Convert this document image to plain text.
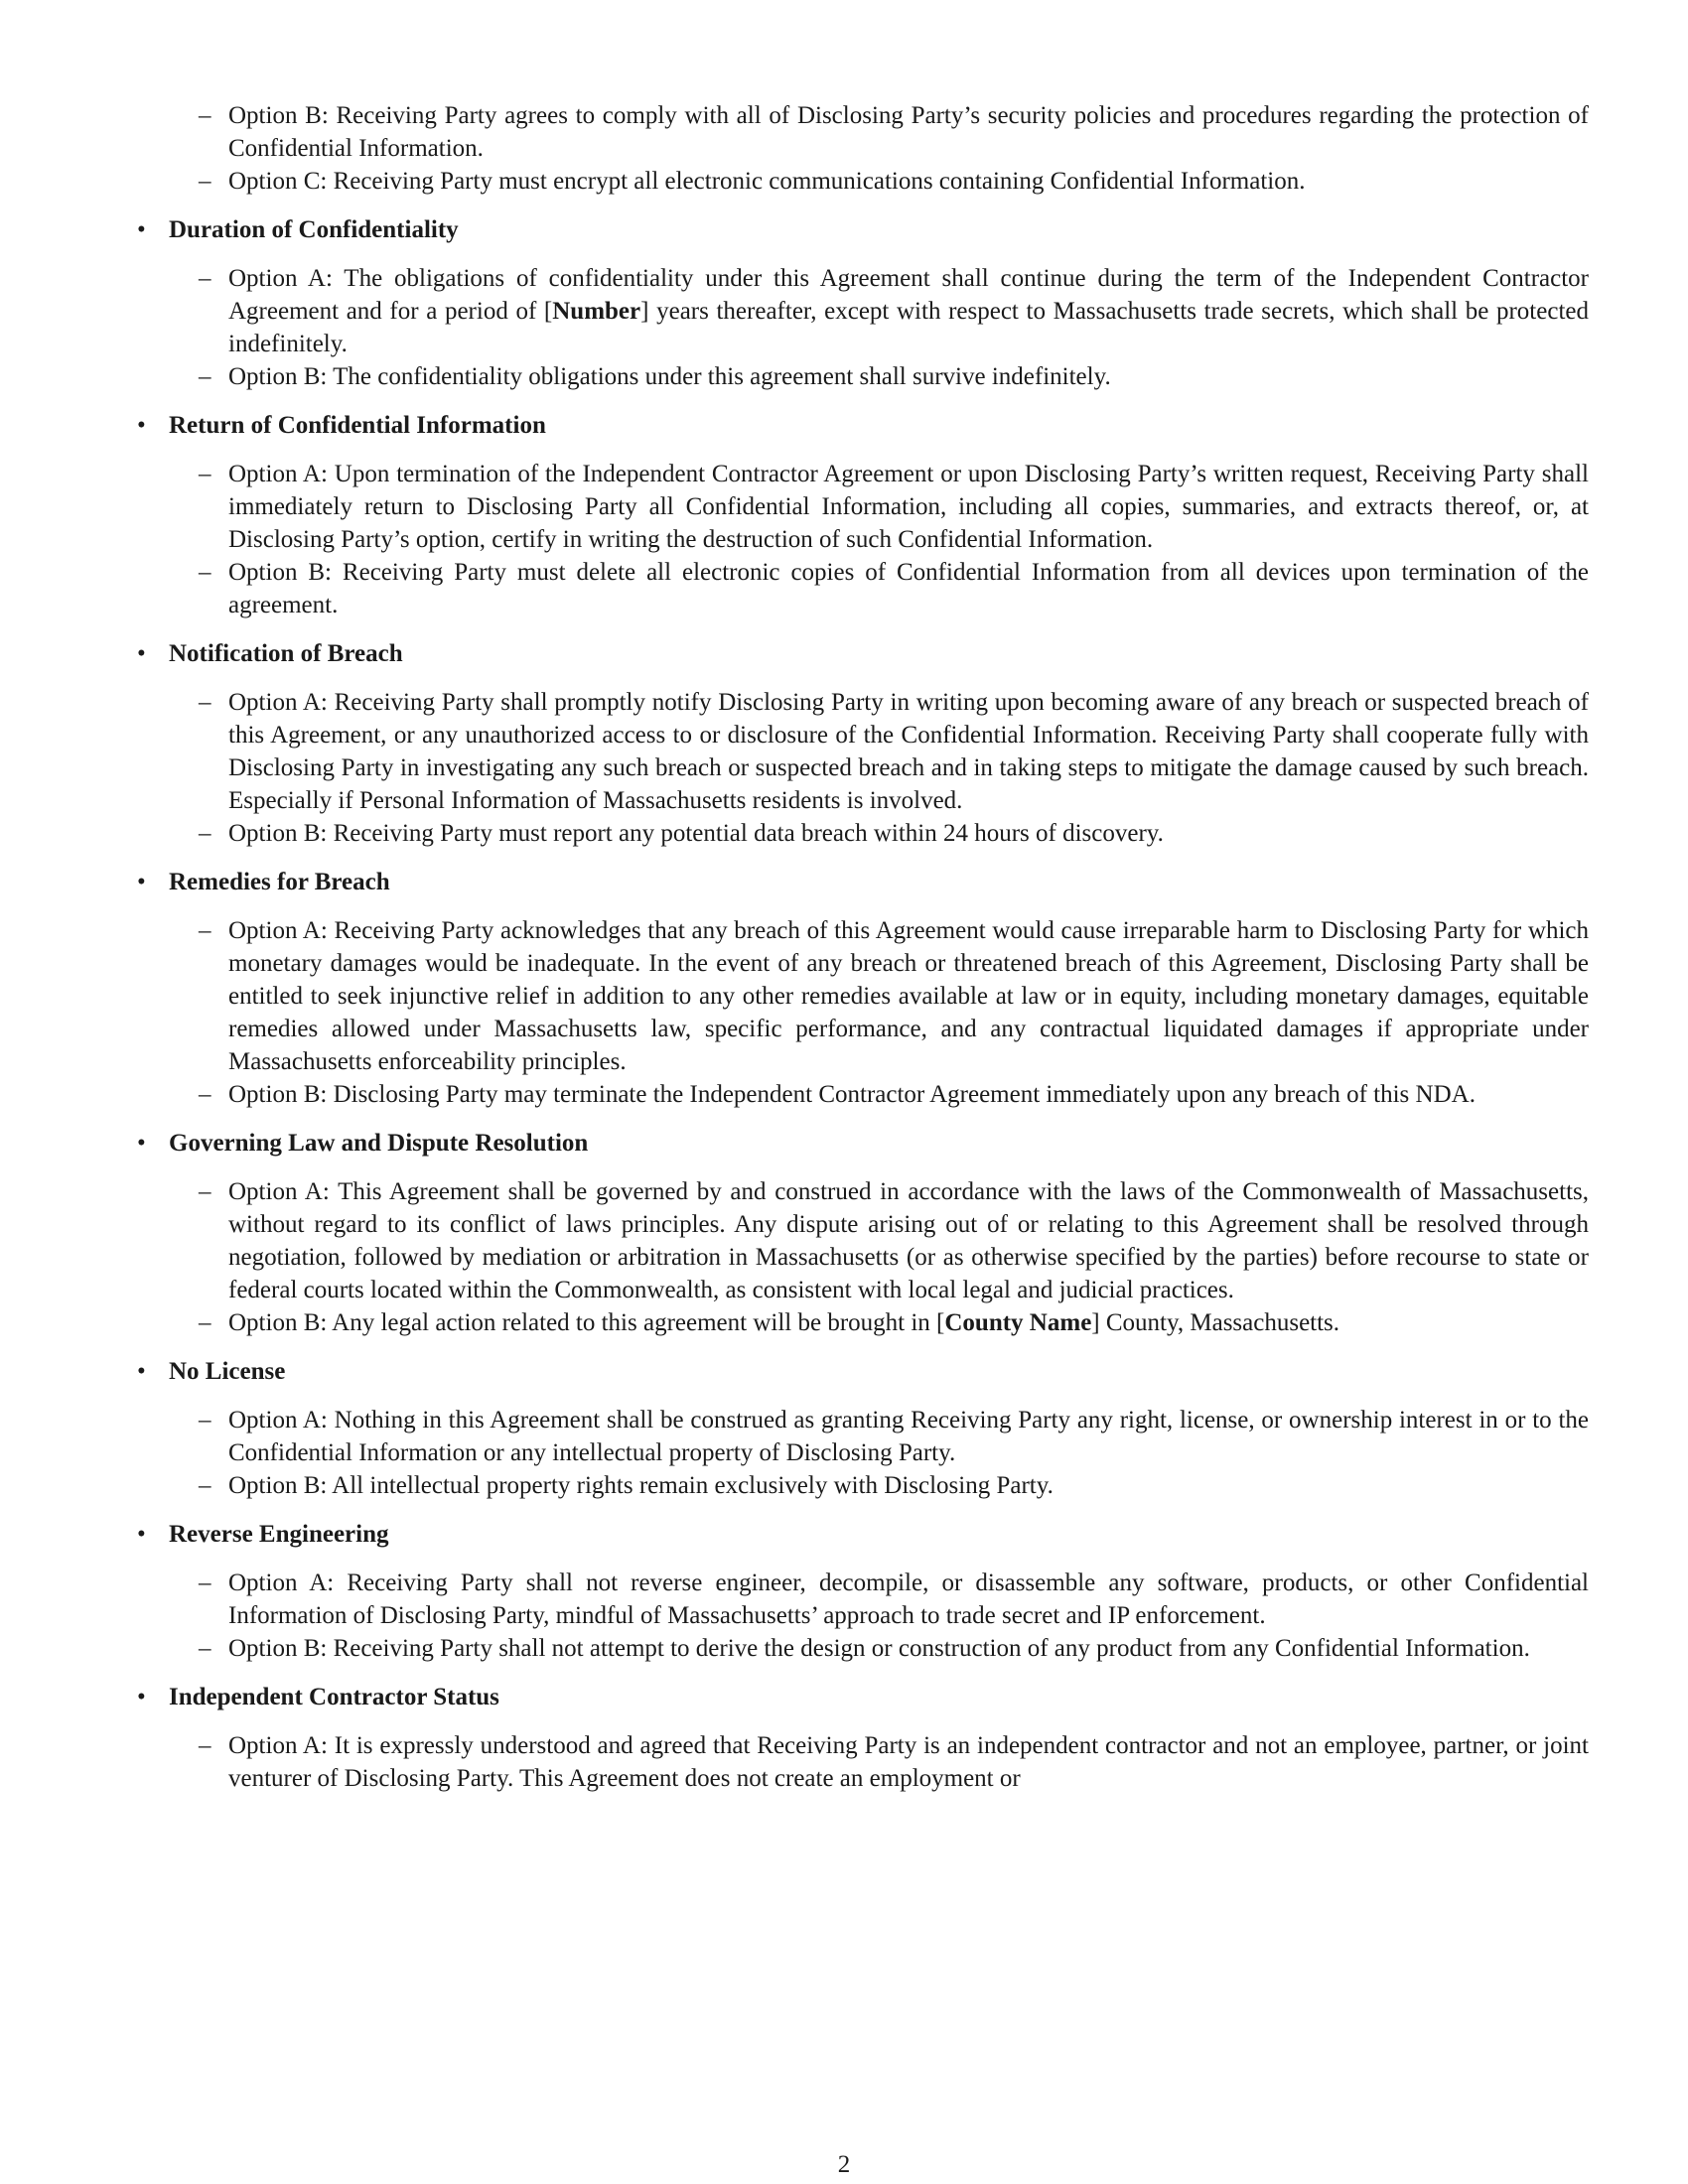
– Option B: Receiving Party agrees to comply with all of Disclosing Party’s security policies and procedures regarding the protection of Confidential Information.
– Option C: Receiving Party must encrypt all electronic communications containing Confidential Information.
• Duration of Confidentiality
– Option A: The obligations of confidentiality under this Agreement shall continue during the term of the Independent Contractor Agreement and for a period of [Number] years thereafter, except with respect to Massachusetts trade secrets, which shall be protected indefinitely.
– Option B: The confidentiality obligations under this agreement shall survive indefinitely.
• Return of Confidential Information
– Option A: Upon termination of the Independent Contractor Agreement or upon Disclosing Party’s written request, Receiving Party shall immediately return to Disclosing Party all Confidential Information, including all copies, summaries, and extracts thereof, or, at Disclosing Party’s option, certify in writing the destruction of such Confidential Information.
– Option B: Receiving Party must delete all electronic copies of Confidential Information from all devices upon termination of the agreement.
• Notification of Breach
– Option A: Receiving Party shall promptly notify Disclosing Party in writing upon becoming aware of any breach or suspected breach of this Agreement, or any unauthorized access to or disclosure of the Confidential Information. Receiving Party shall cooperate fully with Disclosing Party in investigating any such breach or suspected breach and in taking steps to mitigate the damage caused by such breach. Especially if Personal Information of Massachusetts residents is involved.
– Option B: Receiving Party must report any potential data breach within 24 hours of discovery.
• Remedies for Breach
– Option A: Receiving Party acknowledges that any breach of this Agreement would cause irreparable harm to Disclosing Party for which monetary damages would be inadequate. In the event of any breach or threatened breach of this Agreement, Disclosing Party shall be entitled to seek injunctive relief in addition to any other remedies available at law or in equity, including monetary damages, equitable remedies allowed under Massachusetts law, specific performance, and any contractual liquidated damages if appropriate under Massachusetts enforceability principles.
– Option B: Disclosing Party may terminate the Independent Contractor Agreement immediately upon any breach of this NDA.
• Governing Law and Dispute Resolution
– Option A: This Agreement shall be governed by and construed in accordance with the laws of the Commonwealth of Massachusetts, without regard to its conflict of laws principles. Any dispute arising out of or relating to this Agreement shall be resolved through negotiation, followed by mediation or arbitration in Massachusetts (or as otherwise specified by the parties) before recourse to state or federal courts located within the Commonwealth, as consistent with local legal and judicial practices.
– Option B: Any legal action related to this agreement will be brought in [County Name] County, Massachusetts.
• No License
– Option A: Nothing in this Agreement shall be construed as granting Receiving Party any right, license, or ownership interest in or to the Confidential Information or any intellectual property of Disclosing Party.
– Option B: All intellectual property rights remain exclusively with Disclosing Party.
• Reverse Engineering
– Option A: Receiving Party shall not reverse engineer, decompile, or disassemble any software, products, or other Confidential Information of Disclosing Party, mindful of Massachusetts’ approach to trade secret and IP enforcement.
– Option B: Receiving Party shall not attempt to derive the design or construction of any product from any Confidential Information.
• Independent Contractor Status
– Option A: It is expressly understood and agreed that Receiving Party is an independent contractor and not an employee, partner, or joint venturer of Disclosing Party. This Agreement does not create an employment or
2
